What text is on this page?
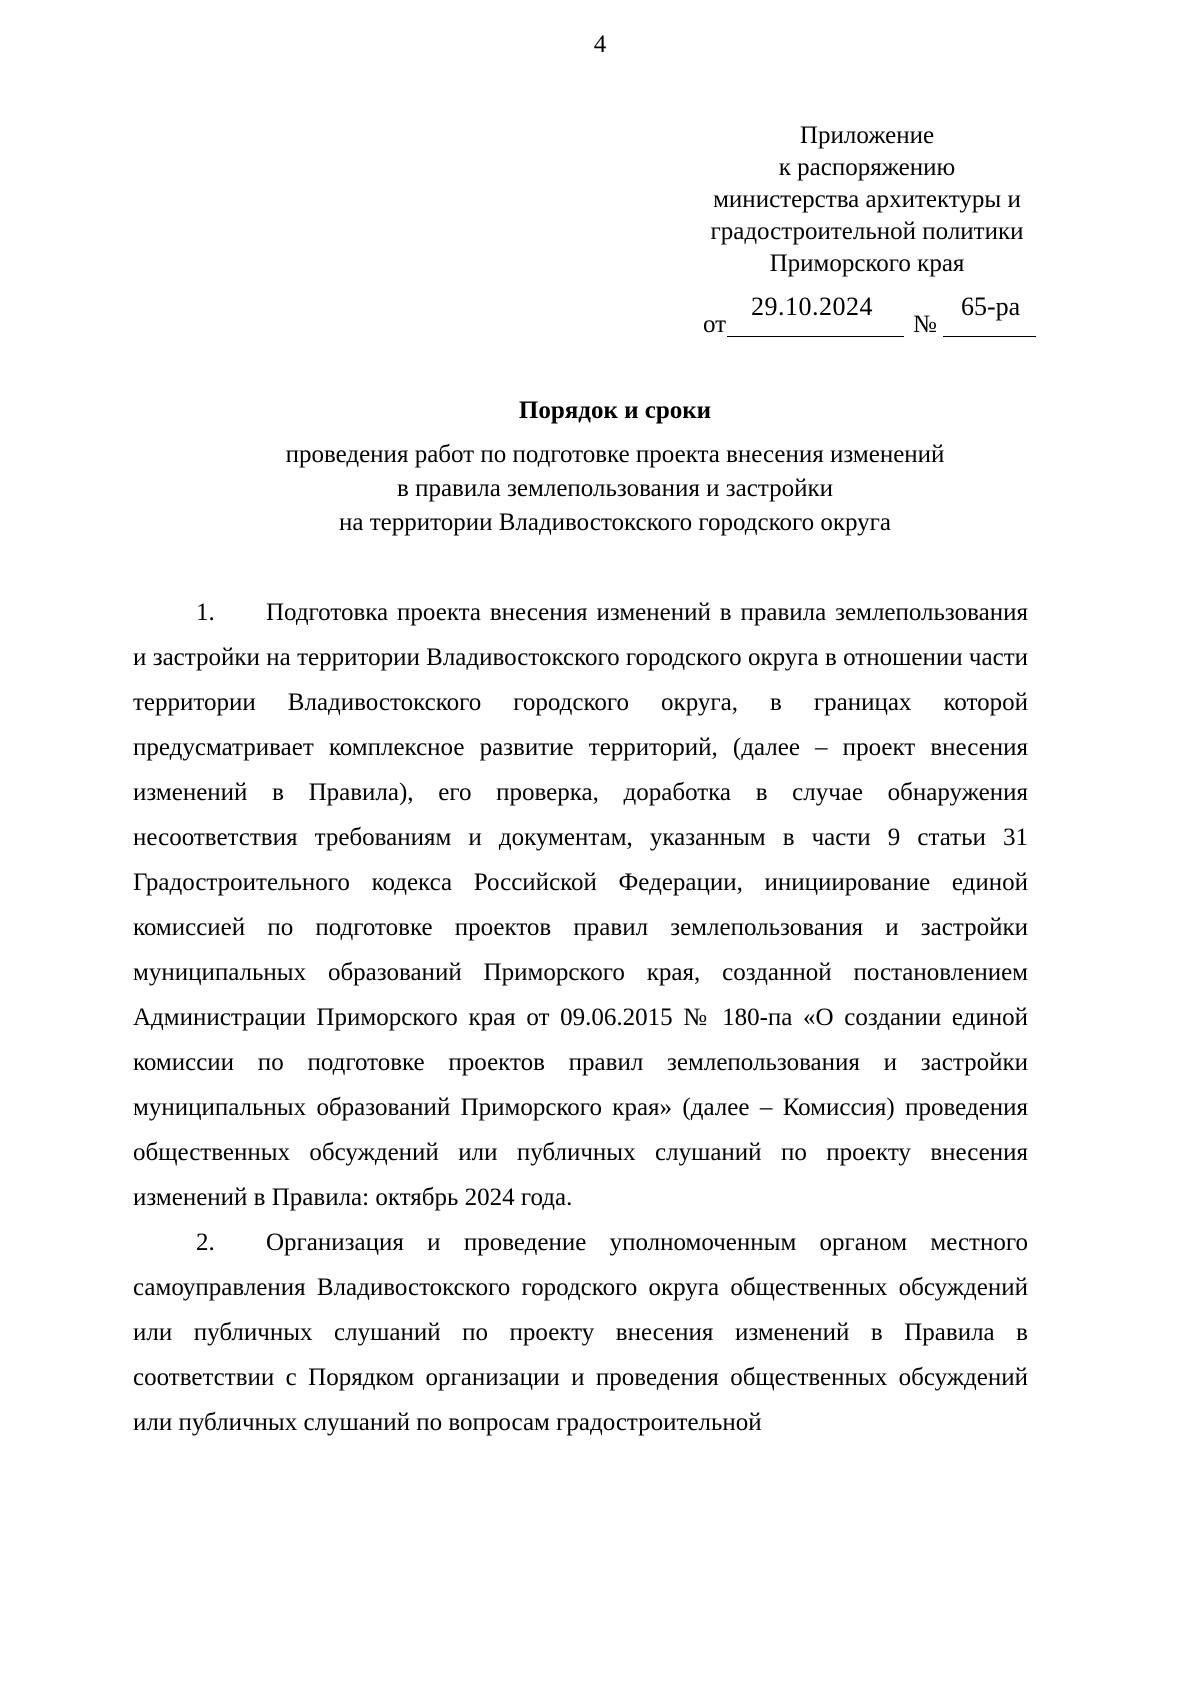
4
Приложение
к распоряжению
министерства архитектуры и
градостроительной политики
Приморского края
от
29.10.2024
№
65-ра
Порядок и сроки
проведения работ по подготовке проекта внесения изменений
в правила землепользования и застройки
на территории Владивостокского городского округа

1. Подготовка проекта внесения изменений в правила землепользования и застройки на территории Владивостокского городского округа в отношении части территории Владивостокского городского округа, в границах которой предусматривает комплексное развитие территорий, (далее – проект внесения изменений в Правила), его проверка, доработка в случае обнаружения несоответствия требованиям и документам, указанным в части 9 статьи 31 Градостроительного кодекса Российской Федерации, инициирование единой комиссией по подготовке проектов правил землепользования и застройки муниципальных образований Приморского края, созданной постановлением Администрации Приморского края от 09.06.2015 № 180-па «О создании единой комиссии по подготовке проектов правил землепользования и застройки муниципальных образований Приморского края» (далее – Комиссия) проведения общественных обсуждений или публичных слушаний по проекту внесения изменений в Правила: октябрь 2024 года.

2. Организация и проведение уполномоченным органом местного самоуправления Владивостокского городского округа общественных обсуждений или публичных слушаний по проекту внесения изменений в Правила в соответствии с Порядком организации и проведения общественных обсуждений или публичных слушаний по вопросам градостроительной
